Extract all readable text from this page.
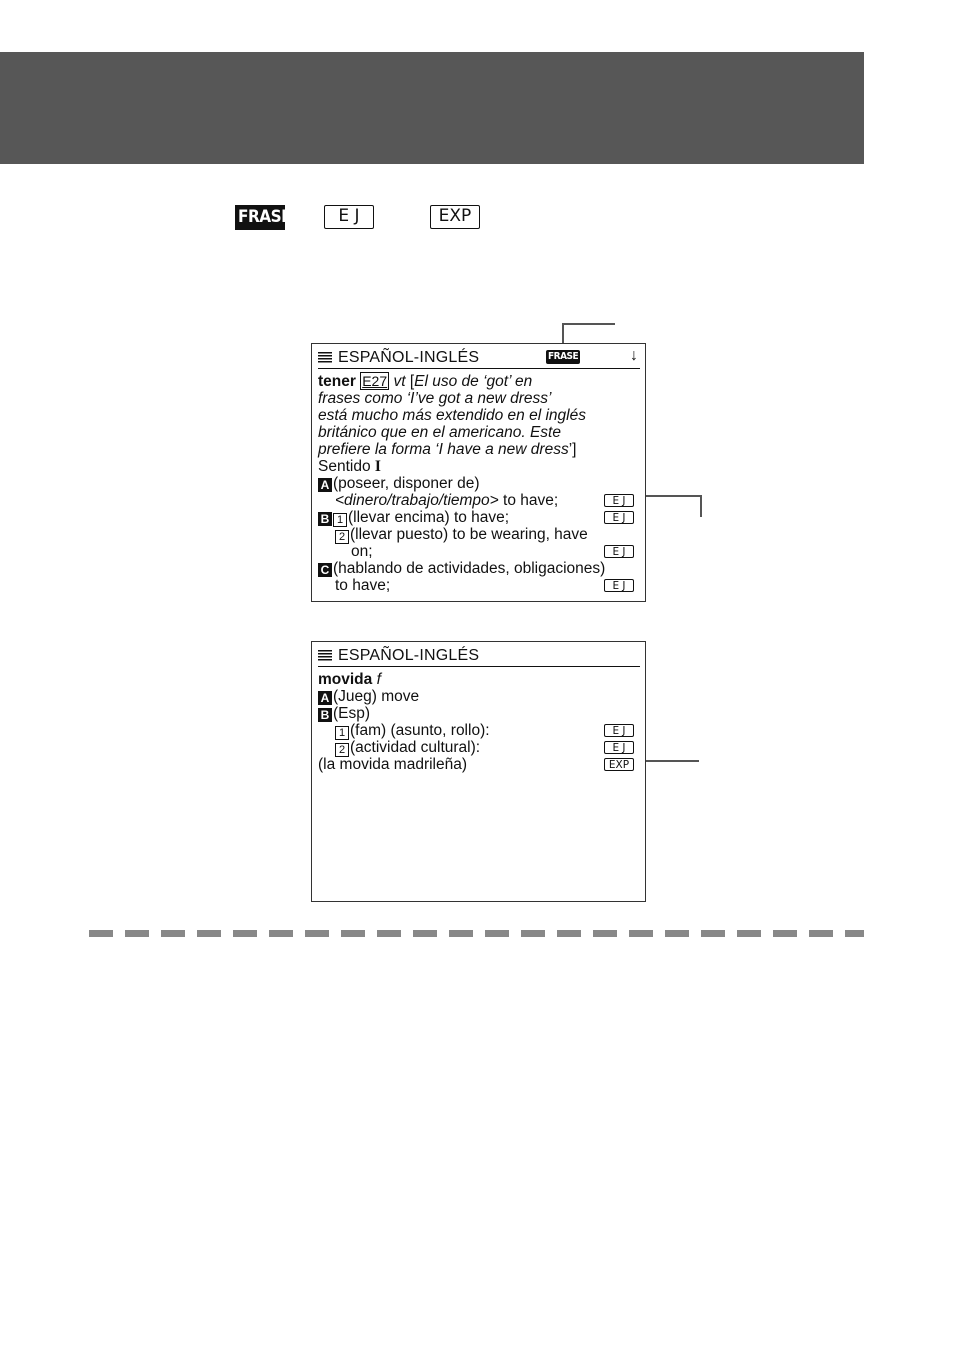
FRASE	E J	EXP
ESPAÑOL-INGLÉS	FRASE	↓
tener E27 vt [El uso de ‘got’ en
frases como ‘I’ve got a new dress’
está mucho más extendido en el inglés
británico que en el americano. Este
prefiere la forma ‘I have a new dress’]
Sentido I
A (poseer, disponer de)
<dinero/trabajo/tiempo> to have;	E J
B 1 (llevar encima) to have;	E J
2 (llevar puesto) to be wearing, have
on;	E J
C (hablando de actividades, obligaciones)
to have;	E J
ESPAÑOL-INGLÉS
movida f
A (Jueg) move
B (Esp)
1 (fam) (asunto, rollo):	E J
2 (actividad cultural):	E J
(la movida madrileña)	EXP
